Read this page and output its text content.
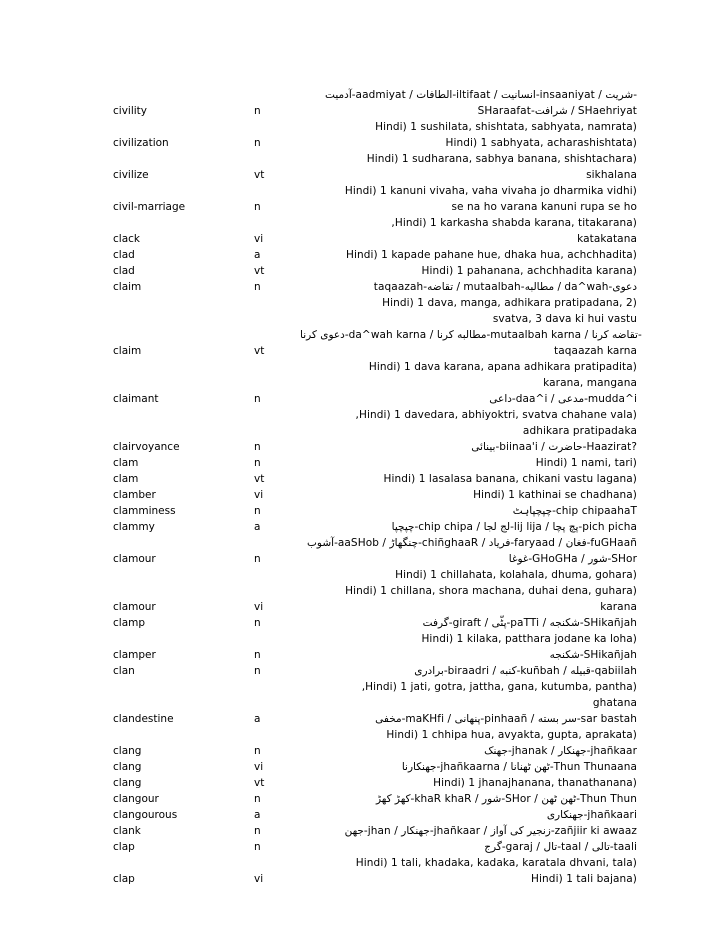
آدمیت-aadmiyat / الطافات-iltifaat / انسانیت-insaaniyat / شریت-
civility	n	SHaraafat-شرافت / SHaehriyat
Hindi) 1 sushilata, shishtata, sabhyata, namrata)
civilization	n	Hindi) 1 sabhyata, acharashishtata)
civilize	vt
Hindi) 1 sudharana, sabhya banana, shishtachara)
sikhalana
civil-marriage	n
Hindi) 1 kanuni vivaha, vaha vivaha jo dharmika vidhi)
se na ho varana kanuni rupa se ho
clack	vi
,Hindi) 1 karkasha shabda karana, titakarana)
katakatana
clad	a	Hindi) 1 kapade pahane hue, dhaka hua, achchhadita)
clad	vt	Hindi) 1 pahanana, achchhadita karana)
claim	n	taqaazah-تقاضه / mutaalbah-مطالبه / da^wah-دعوی
Hindi) 1 dava, manga, adhikara pratipadana, 2)
svatva, 3 dava ki hui vastu
claim	vt
دعوی کرنا-da^wah karna / مطالبه کرنا-mutaalbah karna / تقاضه کرنا-
taqaazah karna
Hindi) 1 dava karana, apana adhikara pratipadita)
karana, mangana
claimant	n	داعی-daa^i / مدعی-mudda^i
,Hindi) 1 davedara, abhiyoktri, svatva chahane vala)
adhikara pratipadaka
clairvoyance	n	بینائی-biinaa'i / حاضرت-Haazirat?
clam	n	Hindi) 1 nami, tari)
clam	vt	Hindi) 1 lasalasa banana, chikani vastu lagana)
clamber	vi	Hindi) 1 kathinai se chadhana)
clamminess	n	چپچپاہٹ-chip chipaahaT
clammy	a	چپچپا-chip chipa / لج لجا-lij lija / پچ پچا-pich picha
clamour	n
آشوب-aaSHob / چنگھاڑ-chiñghaaR / فریاد-faryaad / فغان-fuGHaañ
غوغا-GHoGHa / شور-SHor
Hindi) 1 chillahata, kolahala, dhuma, gohara)
clamour	vi
Hindi) 1 chillana, shora machana, duhai dena, guhara)
karana
clamp	n	گرفت-giraft / پٹّی-paTTi / شکنجه-SHikañjah
Hindi) 1 kilaka, patthara jodane ka loha)
clamper	n	شکنجه-SHikañjah
clan	n	برادری-biraadri / کنبه-kuñbah / قبیله-qabiilah
,Hindi) 1 jati, gotra, jattha, gana, kutumba, pantha)
ghatana
clandestine	a	مخفی-maKHfi / پنهانی-pinhaañ / سر بسته-sar bastah
Hindi) 1 chhipa hua, avyakta, gupta, aprakata)
clang	n	جھنک-jhanak / جھنکار-jhañkaar
clang	vi	جھنکارنا-jhañkaarna / ٹھن ٹھنانا-Thun Thunaana
clang	vt	Hindi) 1 jhanajhanana, thanathanana)
clangour	n	کھڑ کھڑ-khaR khaR / شور-SHor / ٹھن ٹھن-Thun Thun
clangourous	a	جھنکاری-jhañkaari
clank	n	جھن-jhan / جھنکار-jhañkaar / زنجیر کی آواز-zañjiir ki awaaz
clap	n	گرج-garaj / تال-taal / تالی-taali
Hindi) 1 tali, khadaka, kadaka, karatala dhvani, tala)
clap	vi	Hindi) 1 tali bajana)
